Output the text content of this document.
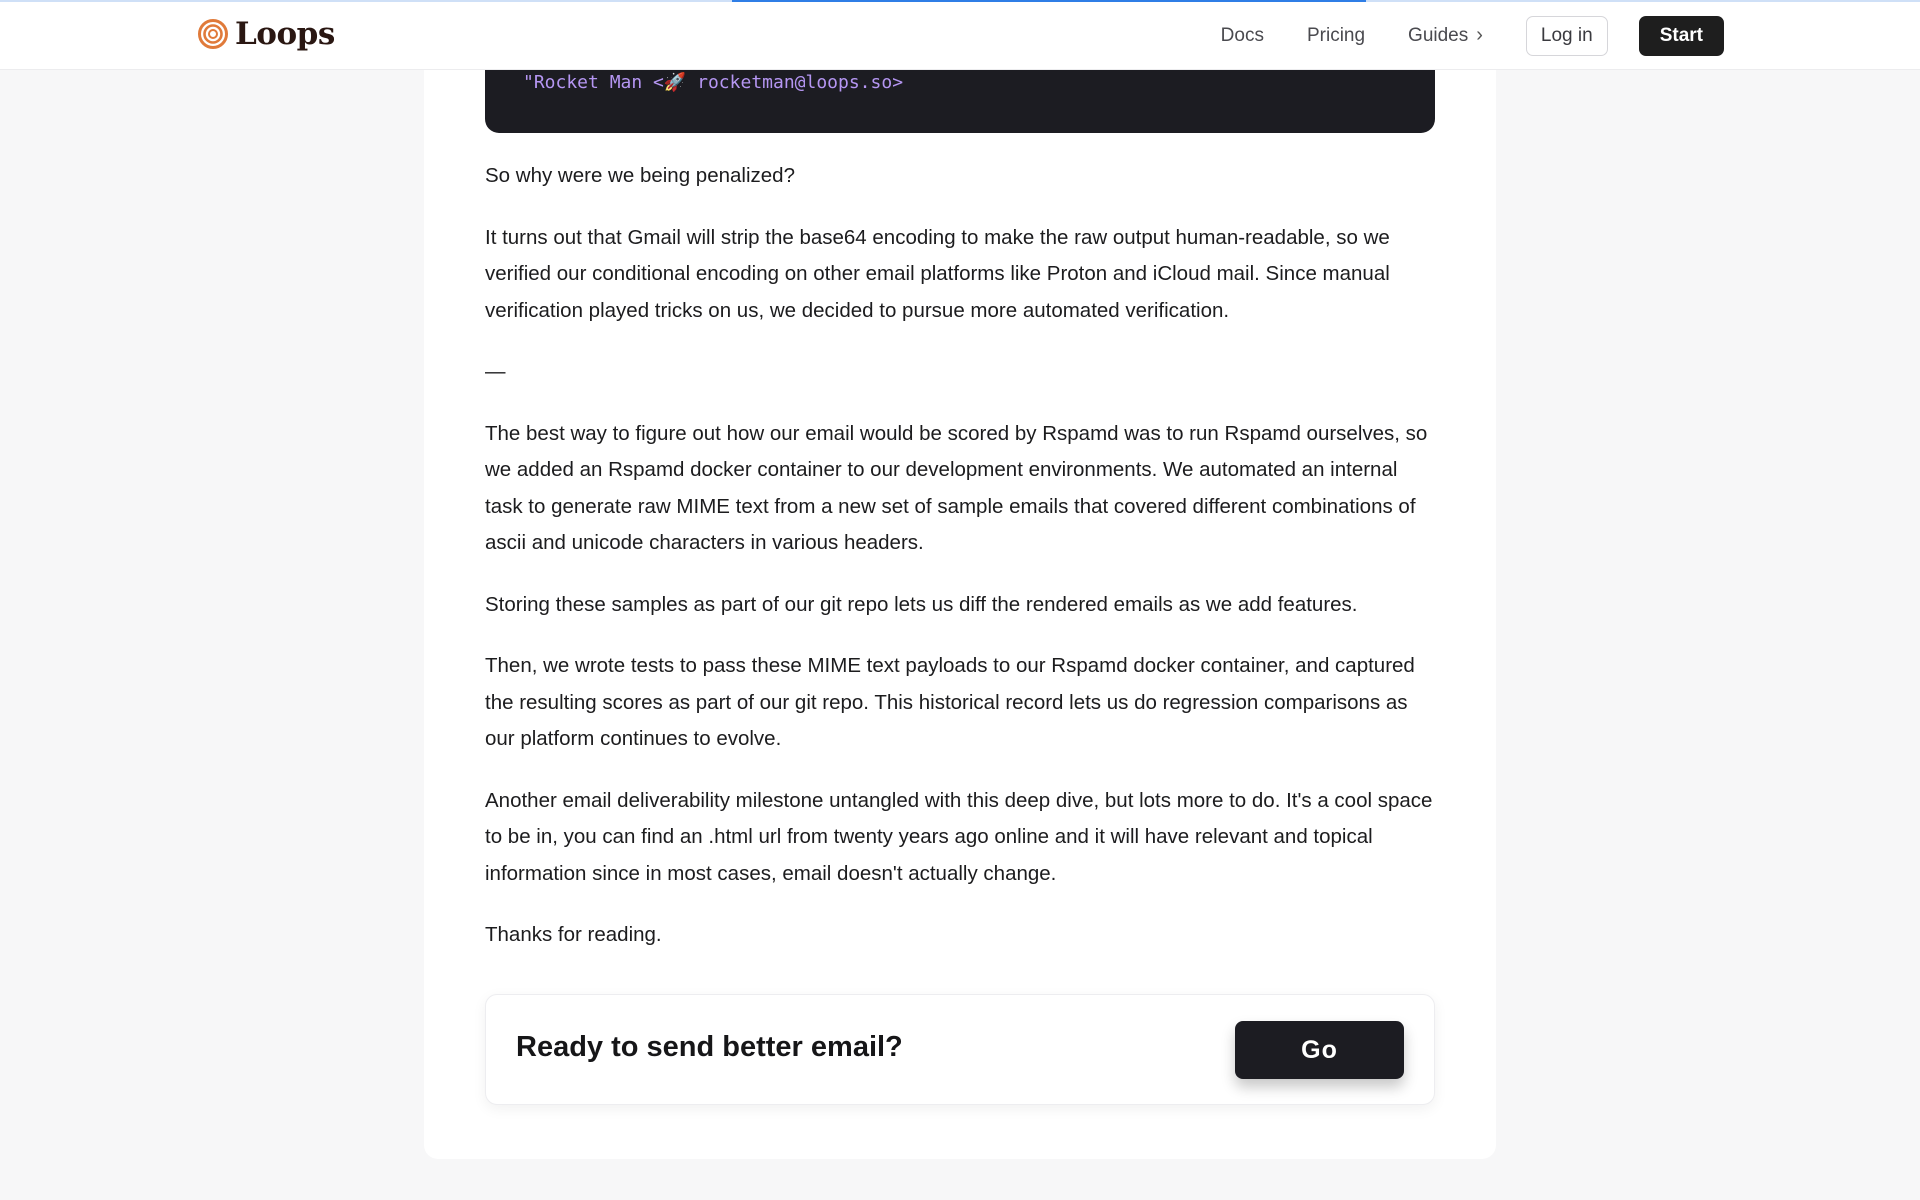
Loops	Docs Pricing Guides ›	Log in	Start
"Rocket Man <🚀 rocketman@loops.so>

So why were we being penalized?

It turns out that Gmail will strip the base64 encoding to make the raw output human-readable, so we verified our conditional encoding on other email platforms like Proton and iCloud mail. Since manual verification played tricks on us, we decided to pursue more automated verification.

—

The best way to figure out how our email would be scored by Rspamd was to run Rspamd ourselves, so we added an Rspamd docker container to our development environments. We automated an internal task to generate raw MIME text from a new set of sample emails that covered different combinations of ascii and unicode characters in various headers.

Storing these samples as part of our git repo lets us diff the rendered emails as we add features.

Then, we wrote tests to pass these MIME text payloads to our Rspamd docker container, and captured the resulting scores as part of our git repo. This historical record lets us do regression comparisons as our platform continues to evolve.

Another email deliverability milestone untangled with this deep dive, but lots more to do. It's a cool space to be in, you can find an .html url from twenty years ago online and it will have relevant and topical information since in most cases, email doesn't actually change.

Thanks for reading.

Ready to send better email?	Go
